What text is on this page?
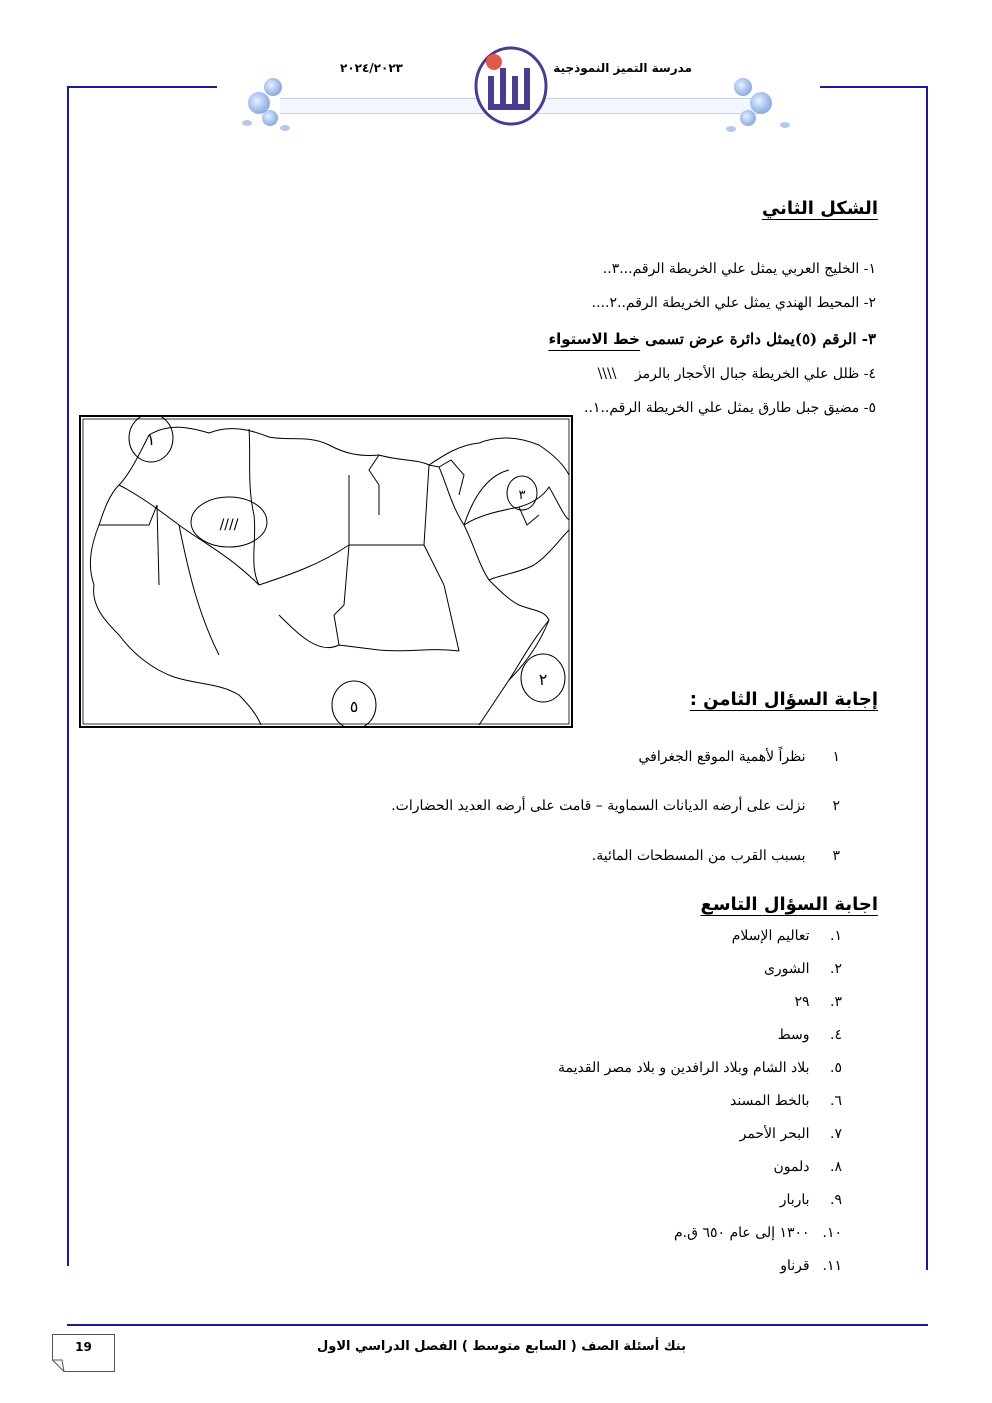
مدرسة التميز النموذجية
٢٠٢٤/٢٠٢٣
الشكل الثاني
١- الخليج العربي يمثل علي الخريطة الرقم...٣..
٢- المحيط الهندي يمثل علي الخريطة الرقم..٢....
٣- الرقم (٥)يمثل دائرة عرض تسمى خط الاستواء
٤- ظلل علي الخريطة جبال الأحجار بالرمز \\\\
٥- مضيق جبل طارق يمثل علي الخريطة الرقم..١..
١
////
٣
٢
٥	إجابة السؤال الثامن :
١ نظراً لأهمية الموقع الجغرافي
٢ نزلت على أرضه الديانات السماوية – قامت على أرضه العديد الحضارات.
٣ بسبب القرب من المسطحات المائية.
اجابة السؤال التاسع
١. تعاليم الإسلام
٢. الشورى
٣. ٢٩
٤. وسط
٥. بلاد الشام وبلاد الرافدين و بلاد مصر القديمة
٦. بالخط المسند
٧. البحر الأحمر
٨. دلمون
٩. باربار
١٠. ١٣٠٠ إلى عام ٦٥٠ ق.م
١١. قرناو
19	بنك أسئلة الصف ( السابع متوسط ) الفصل الدراسي الاول
